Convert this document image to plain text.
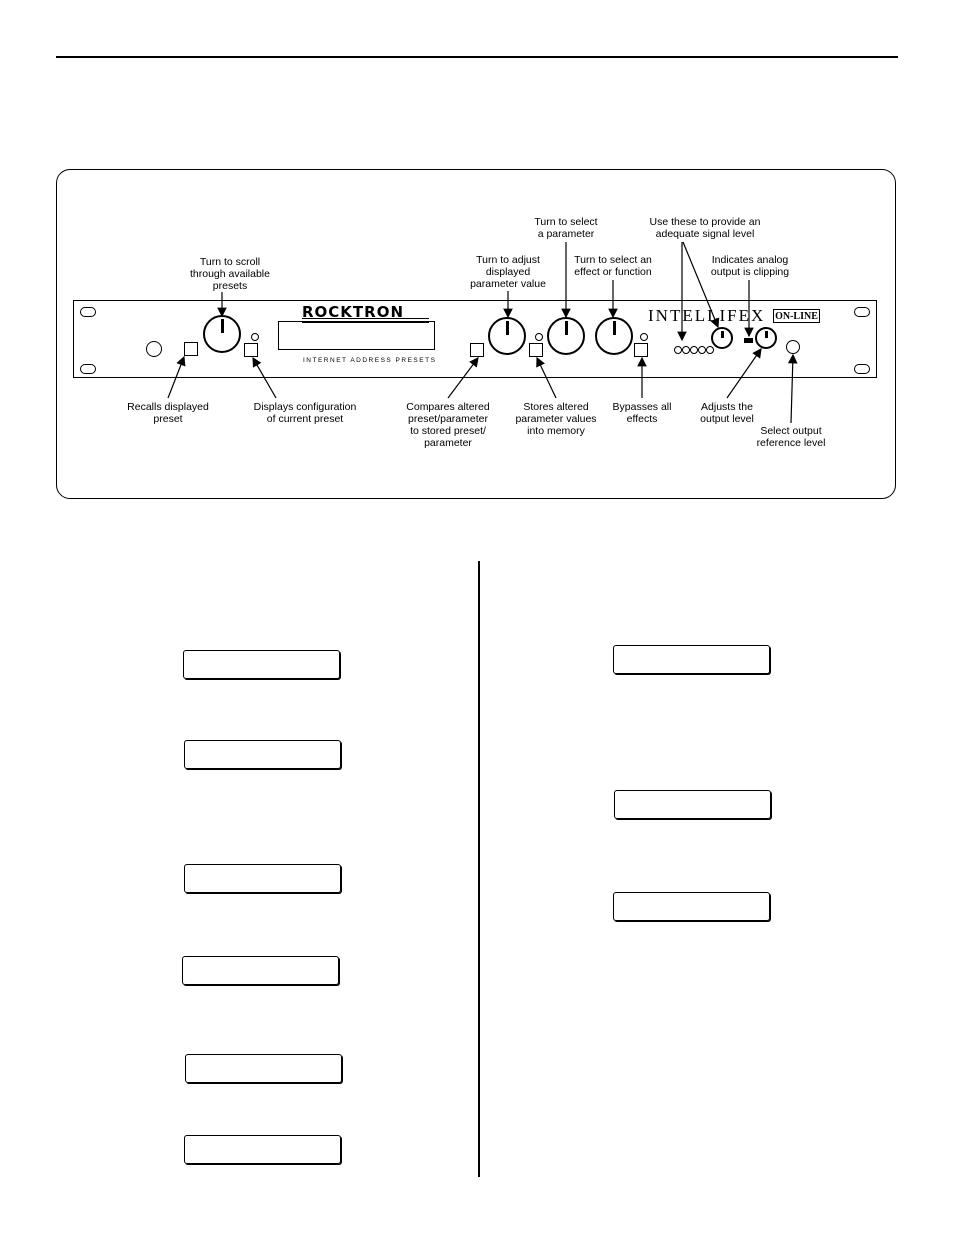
Turn to scroll
through available
presets
Turn to adjust
displayed
parameter value
Turn to select
a parameter
Turn to select an
effect or function
Use these to provide an
adequate signal level
Indicates analog
output is clipping
Recalls displayed
preset
Displays configuration
of current preset
Compares altered
preset/parameter
to stored preset/
parameter
Stores altered
parameter values
into memory
Bypasses all
effects
Adjusts the
output level
Select output
reference level
ROCKTRON
INTERNET ADDRESS PRESETS
INTELLIFEX ON-LINE
